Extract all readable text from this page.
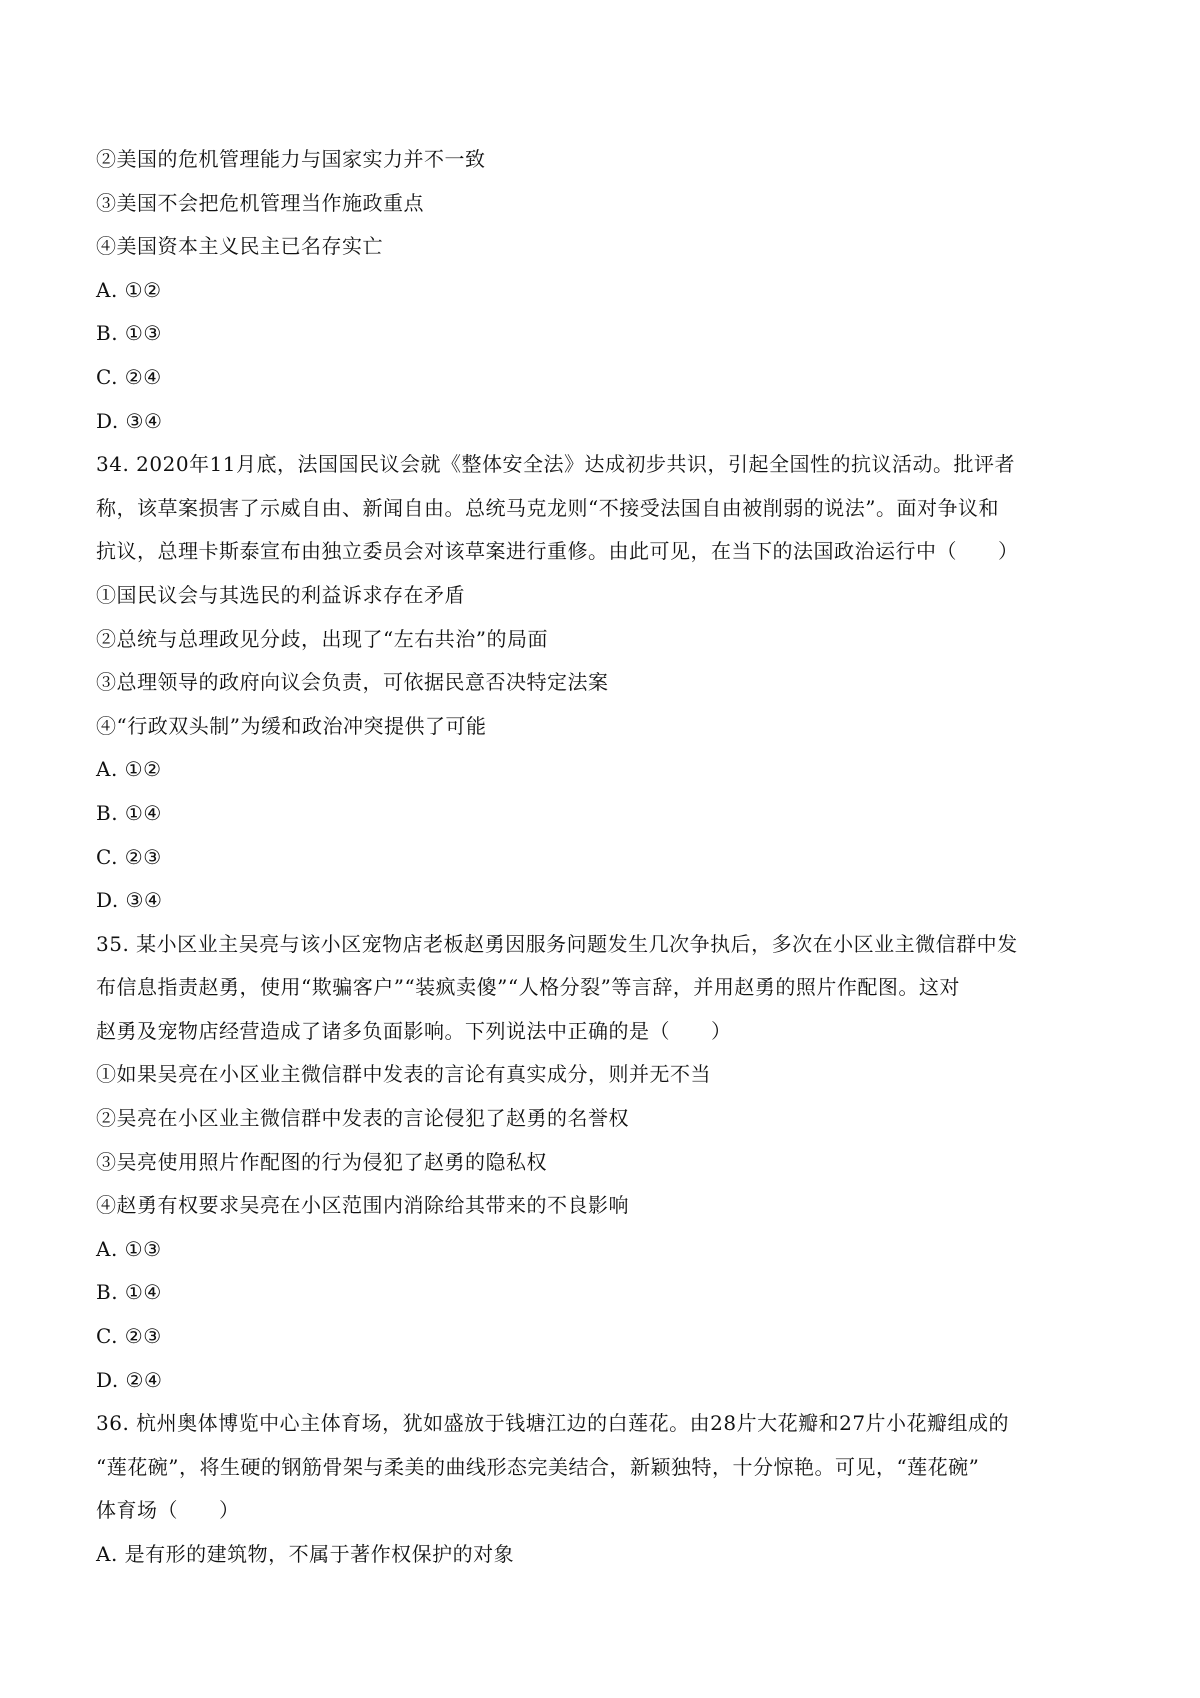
②美国的危机管理能力与国家实力并不一致
③美国不会把危机管理当作施政重点
④美国资本主义民主已名存实亡
A. ①②
B. ①③
C. ②④
D. ③④
34. 2020年11月底，法国国民议会就《整体安全法》达成初步共识，引起全国性的抗议活动。批评者
称，该草案损害了示威自由、新闻自由。总统马克龙则“不接受法国自由被削弱的说法”。面对争议和
抗议，总理卡斯泰宣布由独立委员会对该草案进行重修。由此可见，在当下的法国政治运行中（　　）
①国民议会与其选民的利益诉求存在矛盾
②总统与总理政见分歧，出现了“左右共治”的局面
③总理领导的政府向议会负责，可依据民意否决特定法案
④“行政双头制”为缓和政治冲突提供了可能
A. ①②
B. ①④
C. ②③
D. ③④
35. 某小区业主吴亮与该小区宠物店老板赵勇因服务问题发生几次争执后，多次在小区业主微信群中发
布信息指责赵勇，使用“欺骗客户”“装疯卖傻”“人格分裂”等言辞，并用赵勇的照片作配图。这对
赵勇及宠物店经营造成了诸多负面影响。下列说法中正确的是（　　）
①如果吴亮在小区业主微信群中发表的言论有真实成分，则并无不当
②吴亮在小区业主微信群中发表的言论侵犯了赵勇的名誉权
③吴亮使用照片作配图的行为侵犯了赵勇的隐私权
④赵勇有权要求吴亮在小区范围内消除给其带来的不良影响
A. ①③
B. ①④
C. ②③
D. ②④
36. 杭州奥体博览中心主体育场，犹如盛放于钱塘江边的白莲花。由28片大花瓣和27片小花瓣组成的
“莲花碗”，将生硬的钢筋骨架与柔美的曲线形态完美结合，新颖独特，十分惊艳。可见，“莲花碗”
体育场（　　）
A. 是有形的建筑物，不属于著作权保护的对象
